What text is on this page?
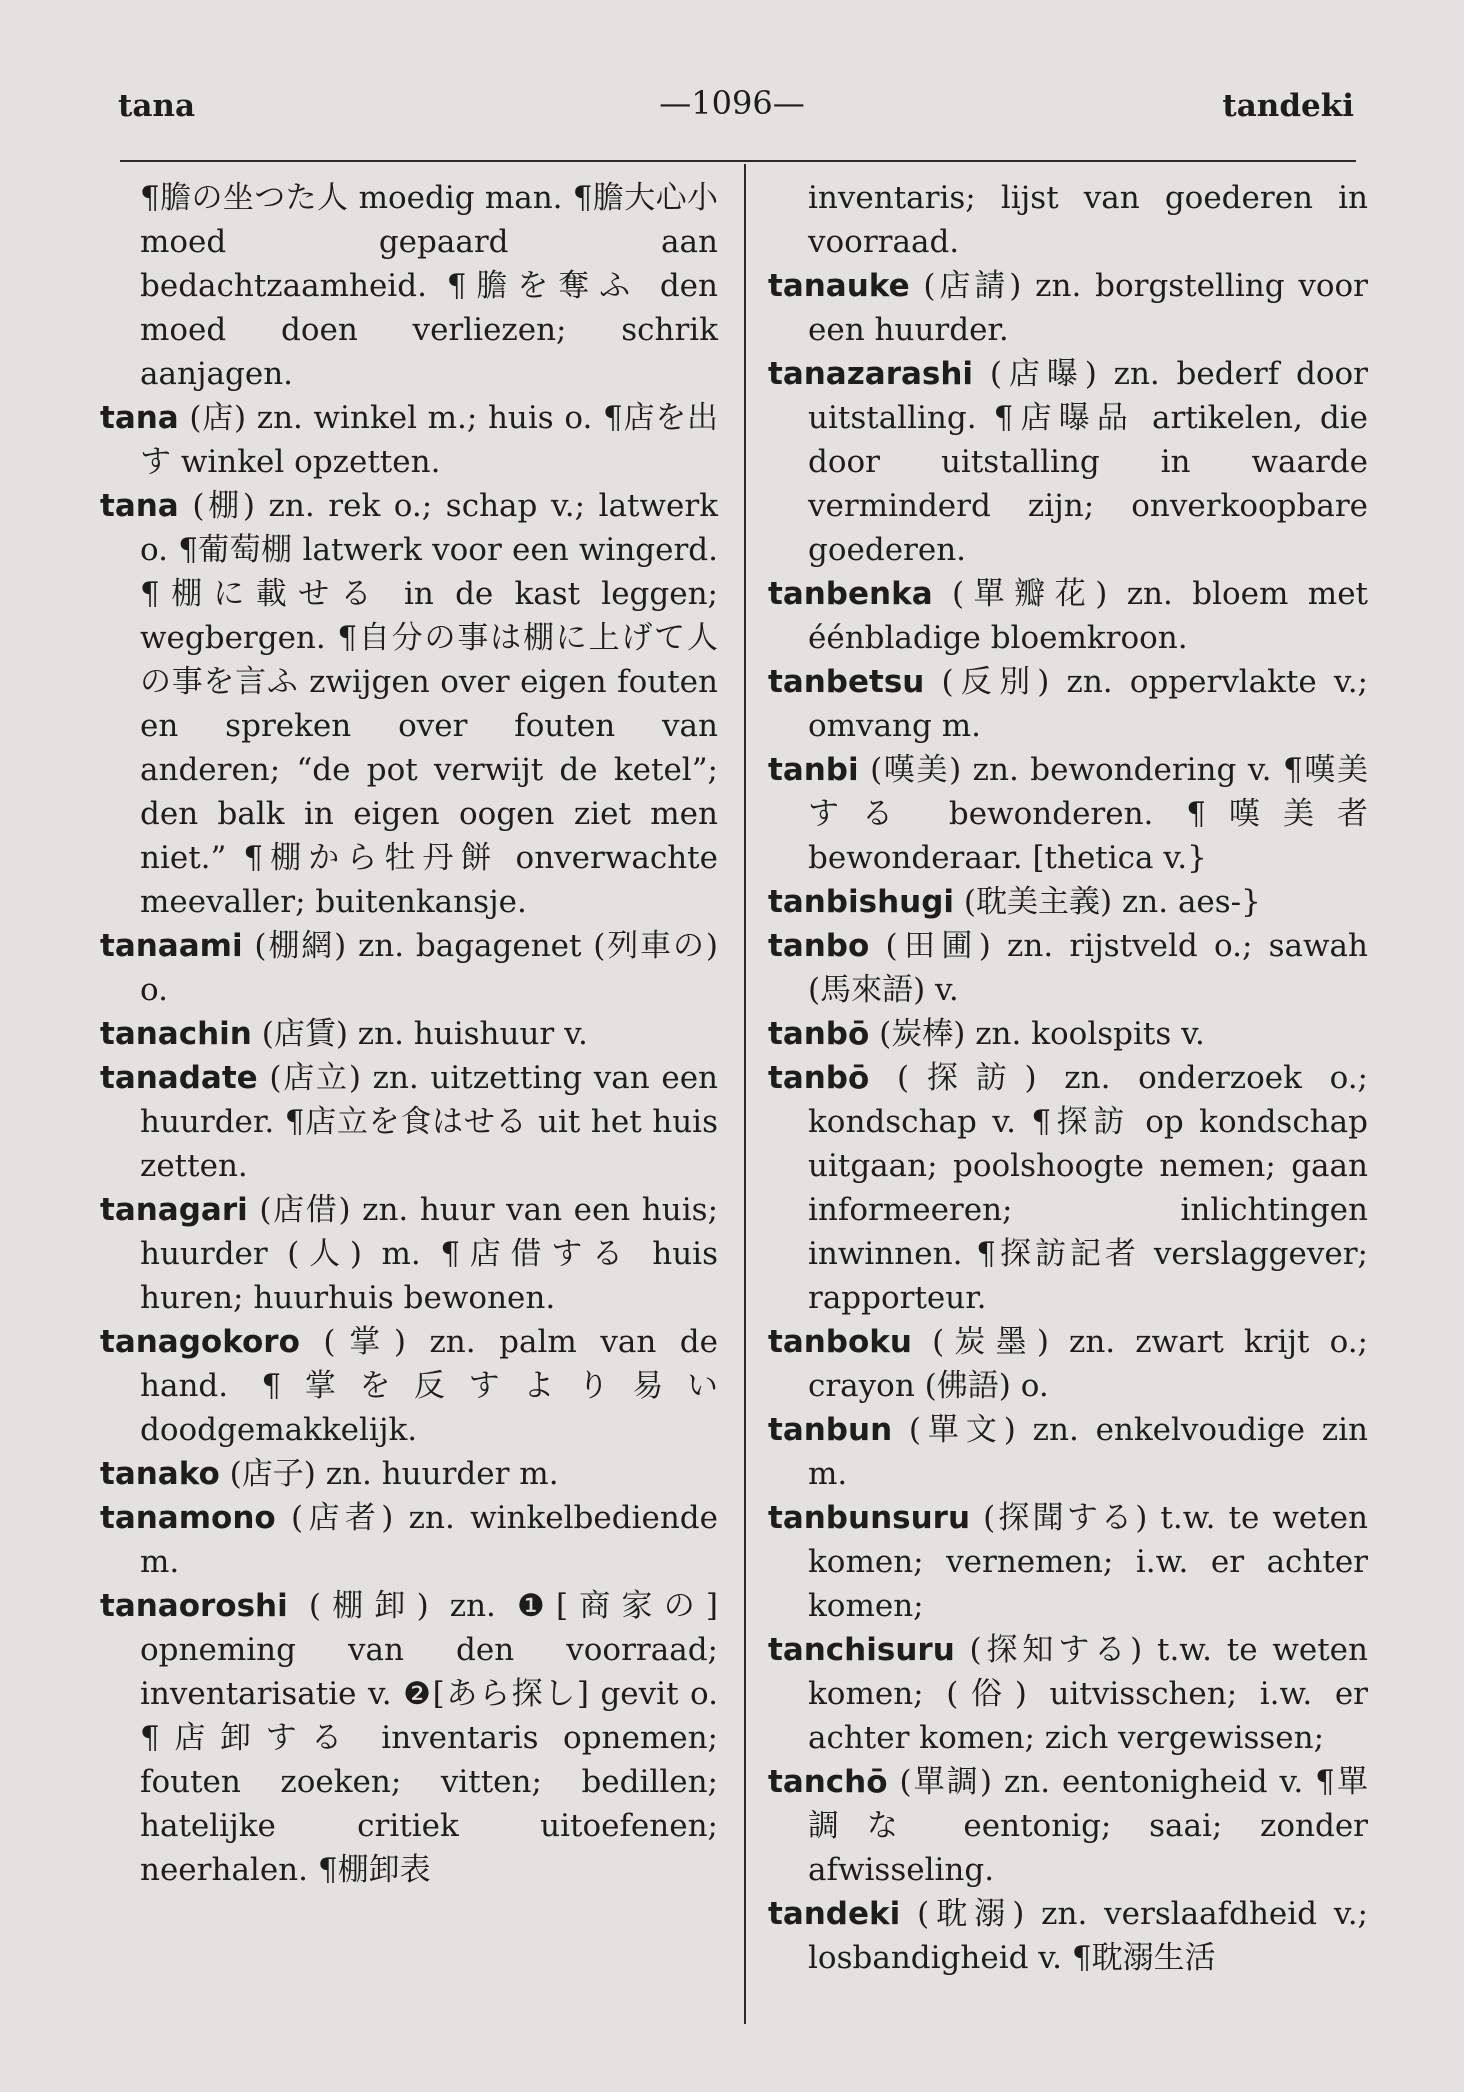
tana	—1096—	tandeki

¶膽の坐つた人 moedig man. ¶膽大心小 moed gepaard aan bedachtzaamheid. ¶膽を奪ふ den moed doen verliezen; schrik aanjagen.

tana (店) zn. winkel m.; huis o. ¶店を出す winkel opzetten.

tana (棚) zn. rek o.; schap v.; latwerk o. ¶葡萄棚 latwerk voor een wingerd. ¶棚に載せる in de kast leggen; wegbergen. ¶自分の事は棚に上げて人の事を言ふ zwijgen over eigen fouten en spreken over fouten van anderen; “de pot verwijt de ketel”; den balk in eigen oogen ziet men niet.” ¶棚から牡丹餅 onverwachte meevaller; buitenkansje.

tanaami (棚網) zn. bagagenet (列車の) o.

tanachin (店賃) zn. huishuur v.

tanadate (店立) zn. uitzetting van een huurder. ¶店立を食はせる uit het huis zetten.

tanagari (店借) zn. huur van een huis; huurder (人) m. ¶店借する huis huren; huurhuis bewonen.

tanagokoro (掌) zn. palm van de hand. ¶掌を反すより易い doodgemakkelijk.

tanako (店子) zn. huurder m.

tanamono (店者) zn. winkelbediende m.

tanaoroshi (棚卸) zn. ❶[商家の] opneming van den voorraad; inventarisatie v. ❷[あら探し] gevit o. ¶店卸する inventaris opnemen; fouten zoeken; vitten; bedillen; hatelijke critiek uitoefenen; neerhalen. ¶棚卸表

inventaris; lijst van goederen in voorraad.

tanauke (店請) zn. borgstelling voor een huurder.

tanazarashi (店曝) zn. bederf door uitstalling. ¶店曝品 artikelen, die door uitstalling in waarde verminderd zijn; onverkoopbare goederen.

tanbenka (單瓣花) zn. bloem met éénbladige bloemkroon.

tanbetsu (反別) zn. oppervlakte v.; omvang m.

tanbi (嘆美) zn. bewondering v. ¶嘆美する bewonderen. ¶嘆美者 bewonderaar. [thetica v.}

tanbishugi (耽美主義) zn. aes-}

tanbo (田圃) zn. rijstveld o.; sawah (馬來語) v.

tanbō (炭棒) zn. koolspits v.

tanbō (探訪) zn. onderzoek o.; kondschap v. ¶探訪 op kondschap uitgaan; poolshoogte nemen; gaan informeeren; inlichtingen inwinnen. ¶探訪記者 verslaggever; rapporteur.

tanboku (炭墨) zn. zwart krijt o.; crayon (佛語) o.

tanbun (單文) zn. enkelvoudige zin m.

tanbunsuru (探聞する) t.w. te weten komen; vernemen; i.w. er achter komen;

tanchisuru (探知する) t.w. te weten komen; (俗) uitvisschen; i.w. er achter komen; zich vergewissen;

tanchō (單調) zn. eentonigheid v. ¶單調な eentonig; saai; zonder afwisseling.

tandeki (耽溺) zn. verslaafdheid v.; losbandigheid v. ¶耽溺生活
